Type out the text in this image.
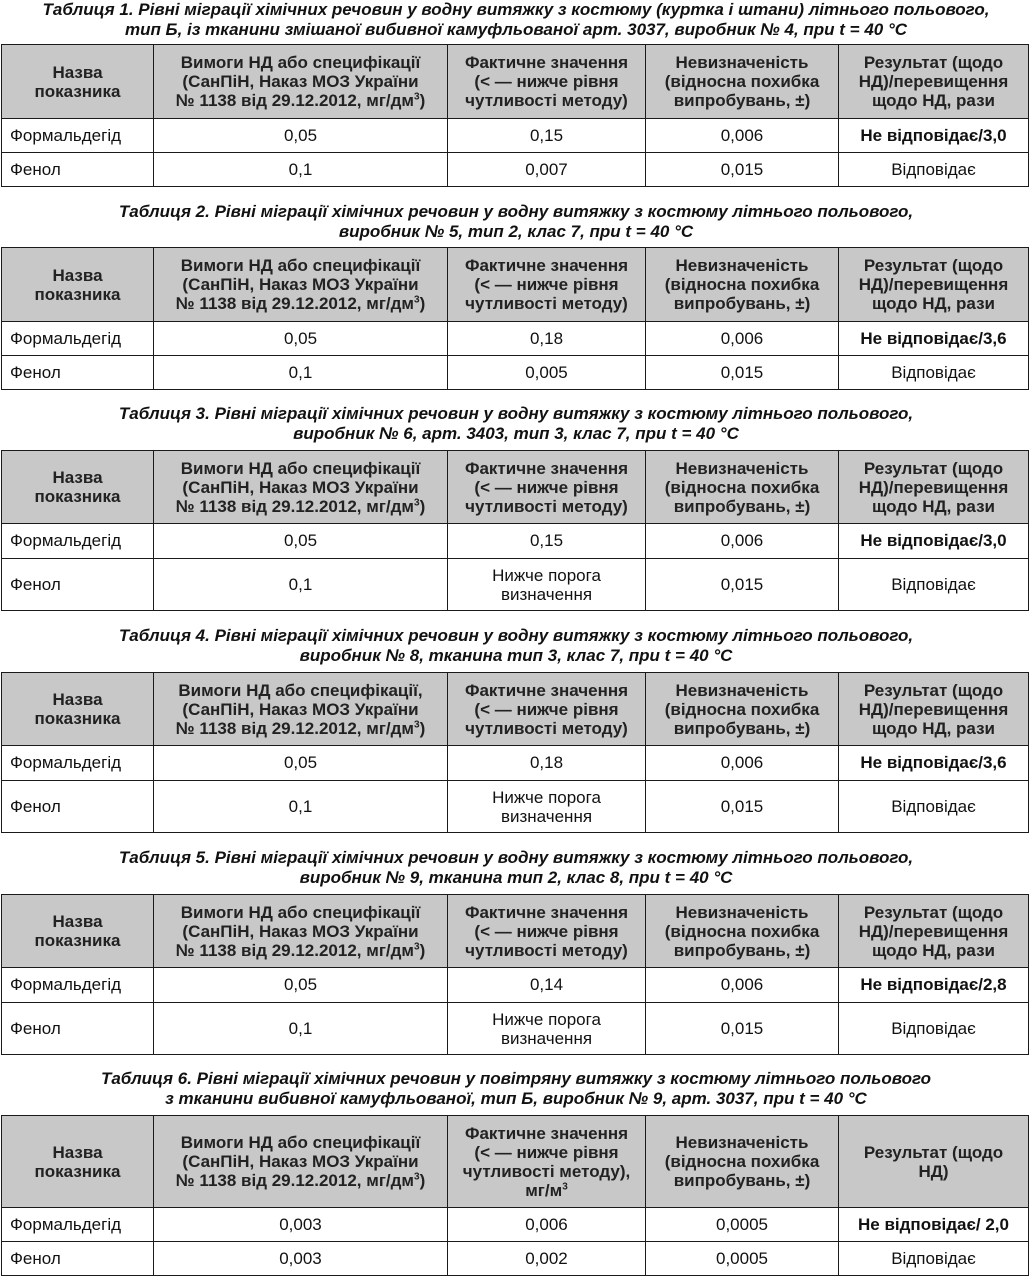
Таблиця 1. Рівні міграції хімічних речовин у водну витяжку з костюму (куртка і штани) літнього польового,
тип Б, із тканини змішаної вибивної камуфльованої арт. 3037, виробник № 4, при t = 40 °С
Назва
показника	Вимоги НД або специфікації
(СанПіН, Наказ МОЗ України
№ 1138 від 29.12.2012, $мг/дм^3$)	Фактичне значення
(< — нижче рівня
чутливості методу)	Невизначеність
(відносна похибка
випробувань, ±)	Результат (щодо
НД)/перевищення
щодо НД, рази

Формальдегід	0,05	0,15	0,006	Не відповідає/3,0
Фенол	0,1	0,007	0,015	Відповідає
Таблиця 2. Рівні міграції хімічних речовин у водну витяжку з костюму літнього польового,
виробник № 5, тип 2, клас 7, при t = 40 °С
Назва
показника	Вимоги НД або специфікації
(СанПіН, Наказ МОЗ України
№ 1138 від 29.12.2012, $мг/дм^3$)	Фактичне значення
(< — нижче рівня
чутливості методу)	Невизначеність
(відносна похибка
випробувань, ±)	Результат (щодо
НД)/перевищення
щодо НД, рази

Формальдегід	0,05	0,18	0,006	Не відповідає/3,6
Фенол	0,1	0,005	0,015	Відповідає
Таблиця 3. Рівні міграції хімічних речовин у водну витяжку з костюму літнього польового,
виробник № 6, арт. 3403, тип 3, клас 7, при t = 40 °С
Назва
показника	Вимоги НД або специфікації
(СанПіН, Наказ МОЗ України
№ 1138 від 29.12.2012, $мг/дм^3$)	Фактичне значення
(< — нижче рівня
чутливості методу)	Невизначеність
(відносна похибка
випробувань, ±)	Результат (щодо
НД)/перевищення
щодо НД, рази

Формальдегід	0,05	0,15	0,006	Не відповідає/3,0
Фенол	0,1	Нижче порога
визначення	0,015	Відповідає
Таблиця 4. Рівні міграції хімічних речовин у водну витяжку з костюму літнього польового,
виробник № 8, тканина тип 3, клас 7, при t = 40 °С
Назва
показника	Вимоги НД або специфікації,
(СанПіН, Наказ МОЗ України
№ 1138 від 29.12.2012, $мг/дм^3$)	Фактичне значення
(< — нижче рівня
чутливості методу)	Невизначеність
(відносна похибка
випробувань, ±)	Результат (щодо
НД)/перевищення
щодо НД, рази

Формальдегід	0,05	0,18	0,006	Не відповідає/3,6
Фенол	0,1	Нижче порога
визначення	0,015	Відповідає
Таблиця 5. Рівні міграції хімічних речовин у водну витяжку з костюму літнього польового,
виробник № 9, тканина тип 2, клас 8, при t = 40 °С
Назва
показника	Вимоги НД або специфікації
(СанПіН, Наказ МОЗ України
№ 1138 від 29.12.2012, $мг/дм^3$)	Фактичне значення
(< — нижче рівня
чутливості методу)	Невизначеність
(відносна похибка
випробувань, ±)	Результат (щодо
НД)/перевищення
щодо НД, рази

Формальдегід	0,05	0,14	0,006	Не відповідає/2,8
Фенол	0,1	Нижче порога
визначення	0,015	Відповідає
Таблиця 6. Рівні міграції хімічних речовин у повітряну витяжку з костюму літнього польового
з тканини вибивної камуфльованої, тип Б, виробник № 9, арт. 3037, при t = 40 °С
Назва
показника	Вимоги НД або специфікації
(СанПіН, Наказ МОЗ України
№ 1138 від 29.12.2012, $мг/дм^3$)	Фактичне значення
(< — нижче рівня
чутливості методу),
$мг/м^3$	Невизначеність
(відносна похибка
випробувань, ±)	Результат (щодо
НД)

Формальдегід	0,003	0,006	0,0005	Не відповідає/ 2,0
Фенол	0,003	0,002	0,0005	Відповідає
